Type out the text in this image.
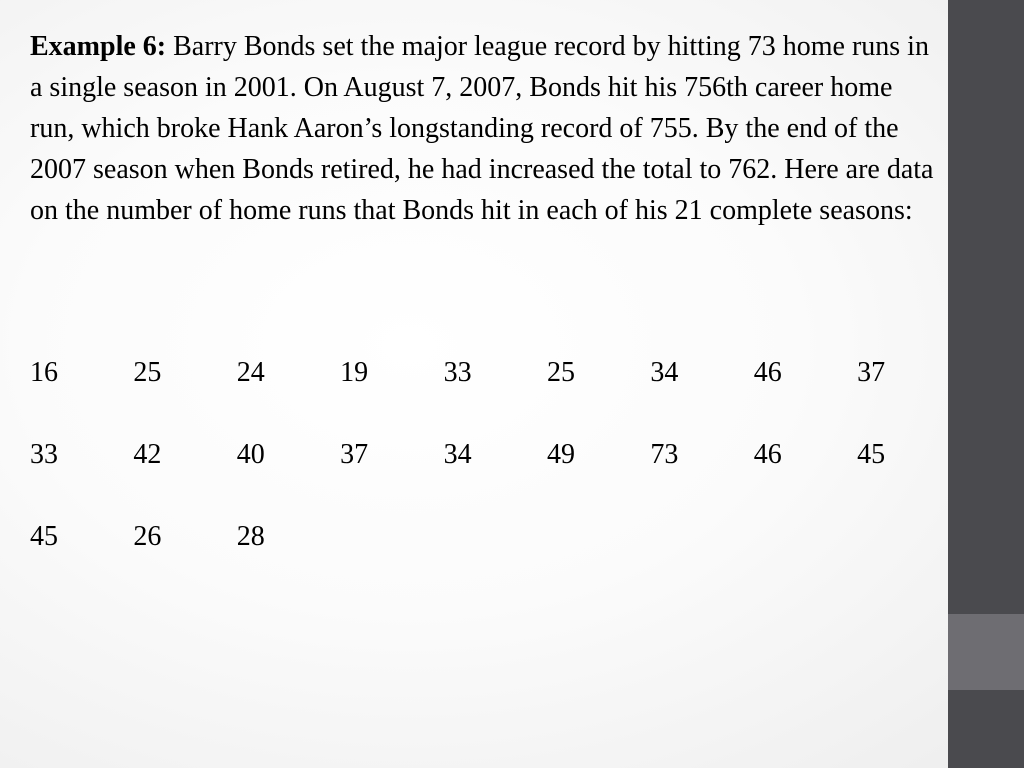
Example 6: Barry Bonds set the major league record by hitting 73 home runs in a single season in 2001. On August 7, 2007, Bonds hit his 756th career home run, which broke Hank Aaron’s longstanding record of 755. By the end of the 2007 season when Bonds retired, he had increased the total to 762. Here are data on the number of home runs that Bonds hit in each of his 21 complete seasons:

16	25	24	19	33	25	34	46	37
33	42	40	37	34	49	73	46	45
45	26	28
